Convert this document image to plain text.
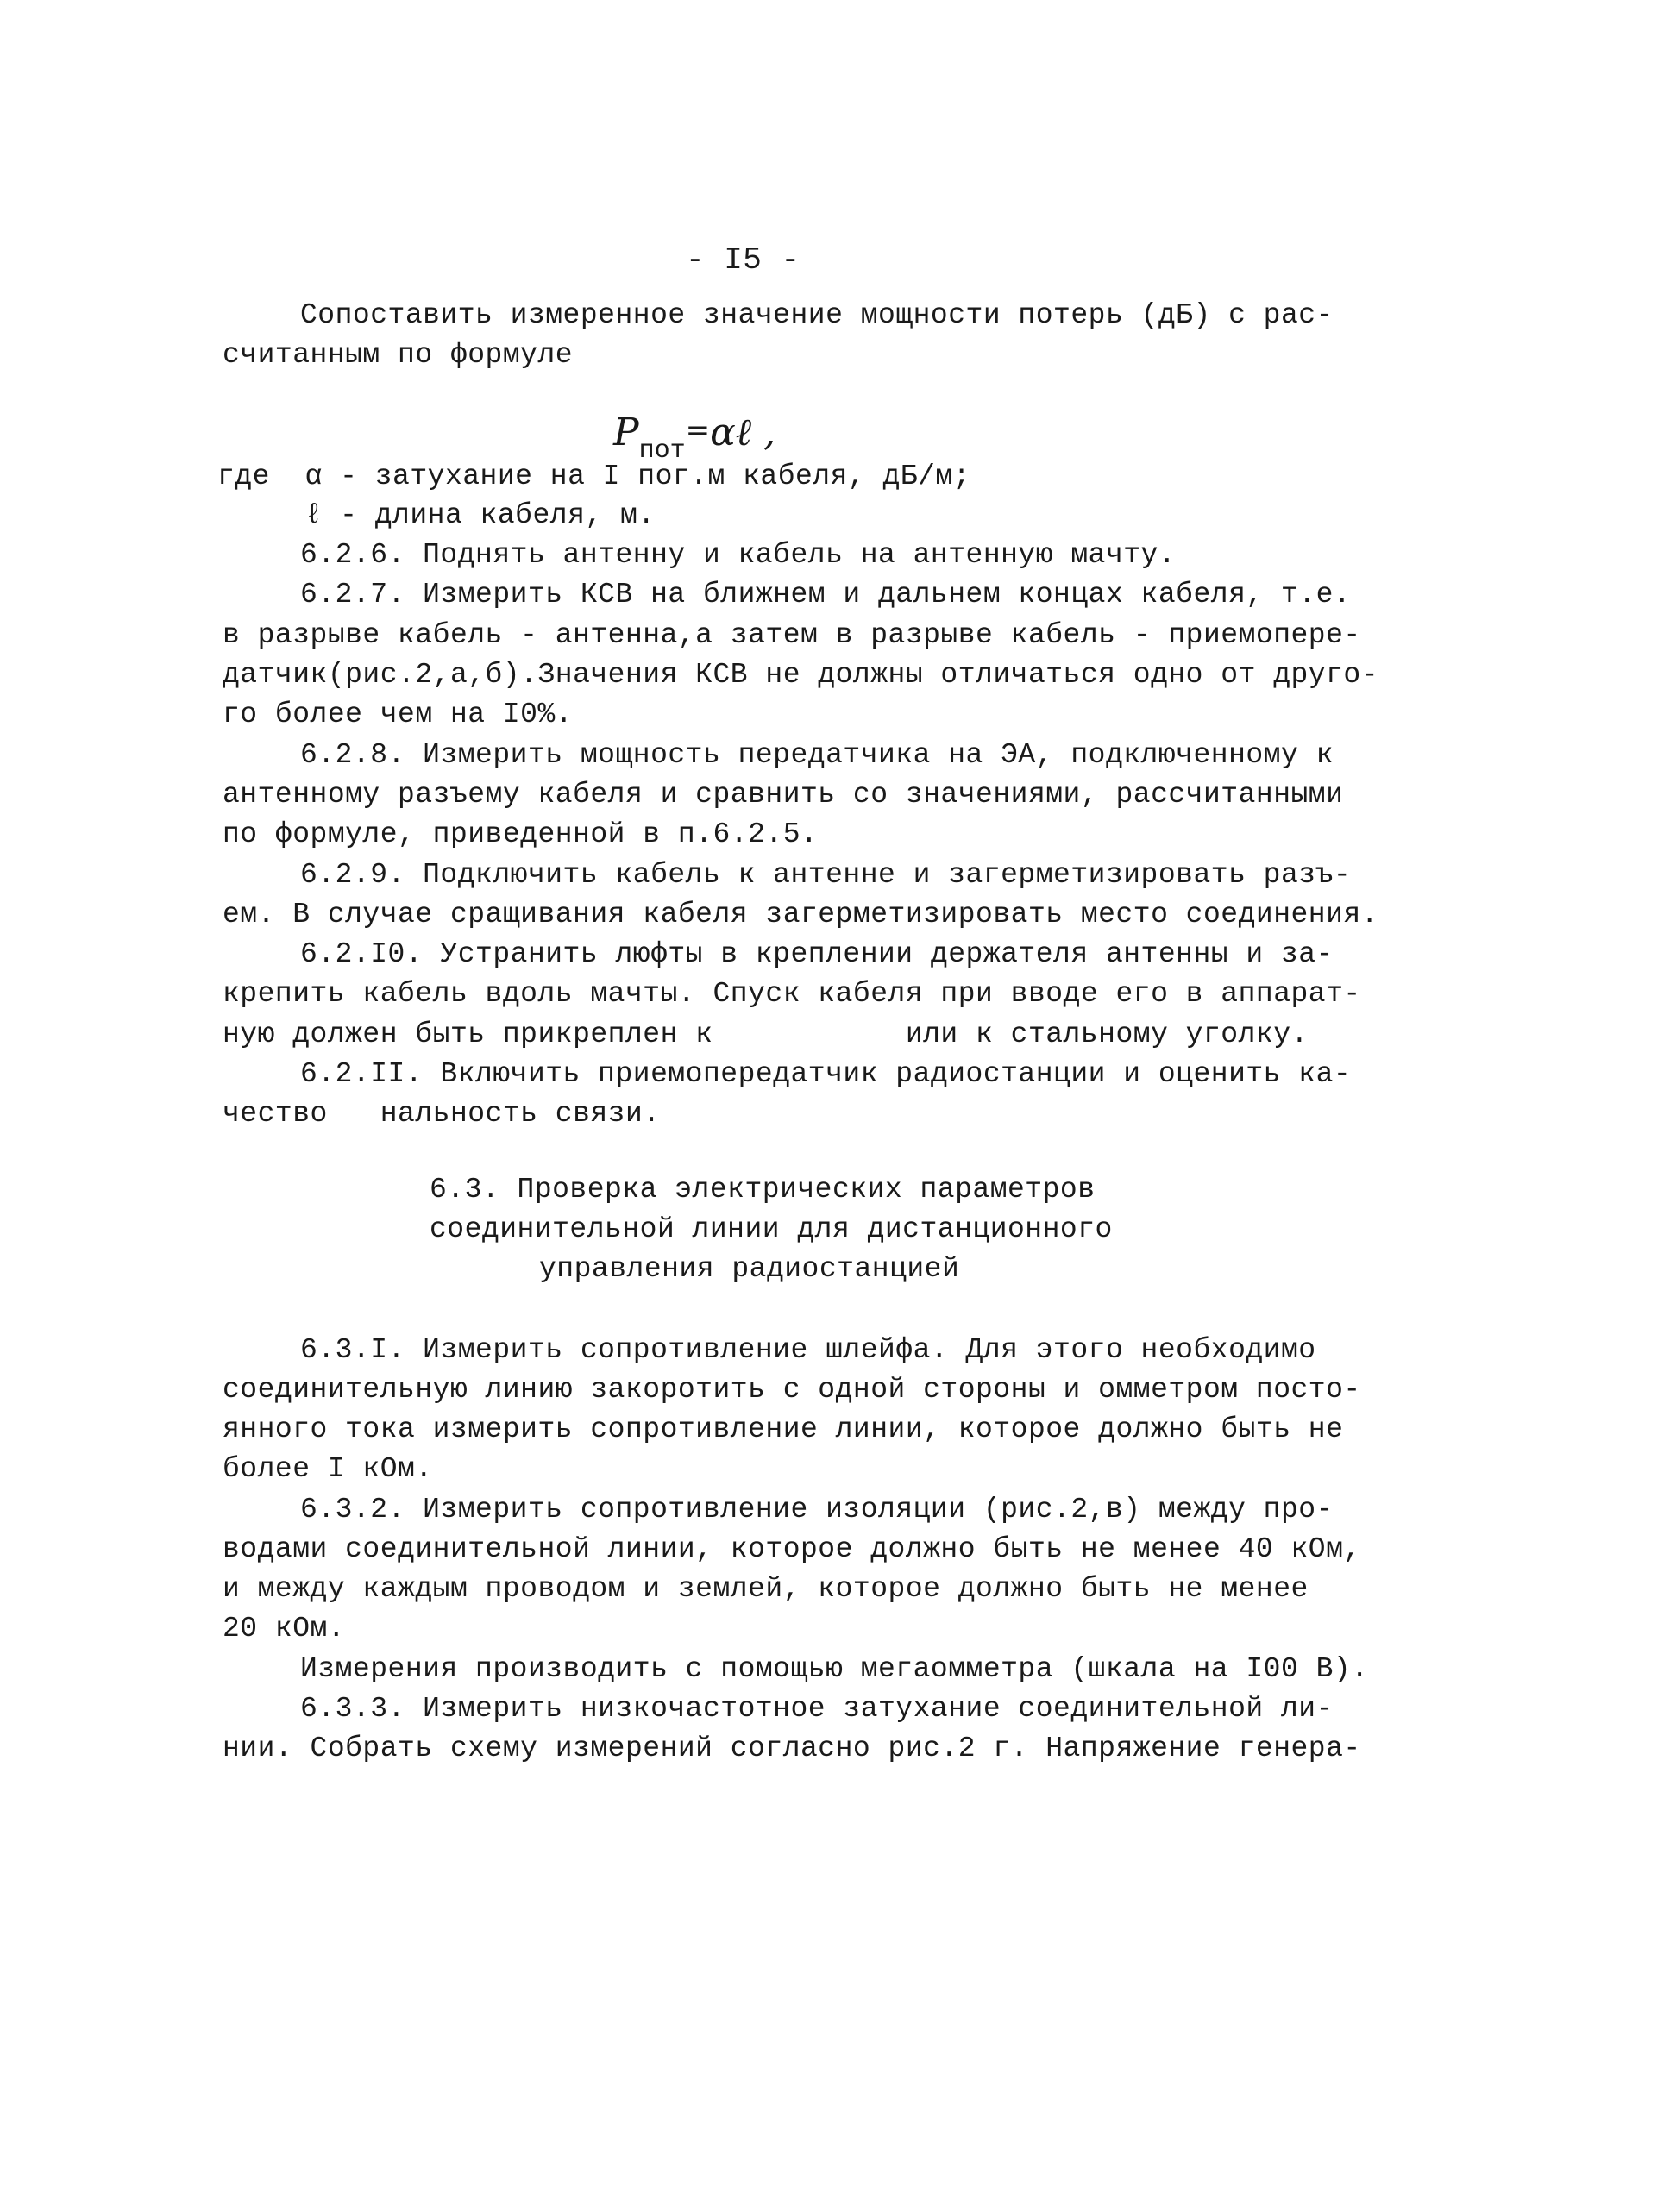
- I5 -
Сопоставить измеренное значение мощности потерь (дБ) с рас-
считанным по формуле

$P_{пот}=\alpha\ell$ ,

где  α - затухание на I пог.м кабеля, дБ/м;
ℓ - длина кабеля, м.
6.2.6. Поднять антенну и кабель на антенную мачту.
6.2.7. Измерить КСВ на ближнем и дальнем концах кабеля, т.е.
в разрыве кабель - антенна,а затем в разрыве кабель - приемопере-
датчик(рис.2,а,б).Значения КСВ не должны отличаться одно от друго-
го более чем на I0%.
6.2.8. Измерить мощность передатчика на ЭА, подключенному к
антенному разъему кабеля и сравнить со значениями, рассчитанными
по формуле, приведенной в п.6.2.5.
6.2.9. Подключить кабель к антенне и загерметизировать разъ-
ем. В случае сращивания кабеля загерметизировать место соединения.
6.2.I0. Устранить люфты в креплении держателя антенны и за-
крепить кабель вдоль мачты. Спуск кабеля при вводе его в аппарат-
ную должен быть прикреплен к           или к стальному уголку.
6.2.II. Включить приемопередатчик радиостанции и оценить ка-
чество   нальность связи.
6.3. Проверка электрических параметров
соединительной линии для дистанционного
управления радиостанцией
6.3.I. Измерить сопротивление шлейфа. Для этого необходимо
соединительную линию закоротить с одной стороны и омметром посто-
янного тока измерить сопротивление линии, которое должно быть не
более I кОм.
6.3.2. Измерить сопротивление изоляции (рис.2,в) между про-
водами соединительной линии, которое должно быть не менее 40 кОм,
и между каждым проводом и землей, которое должно быть не менее
20 кОм.
Измерения производить с помощью мегаомметра (шкала на I00 В).
6.3.3. Измерить низкочастотное затухание соединительной ли-
нии. Собрать схему измерений согласно рис.2 г. Напряжение генера-
